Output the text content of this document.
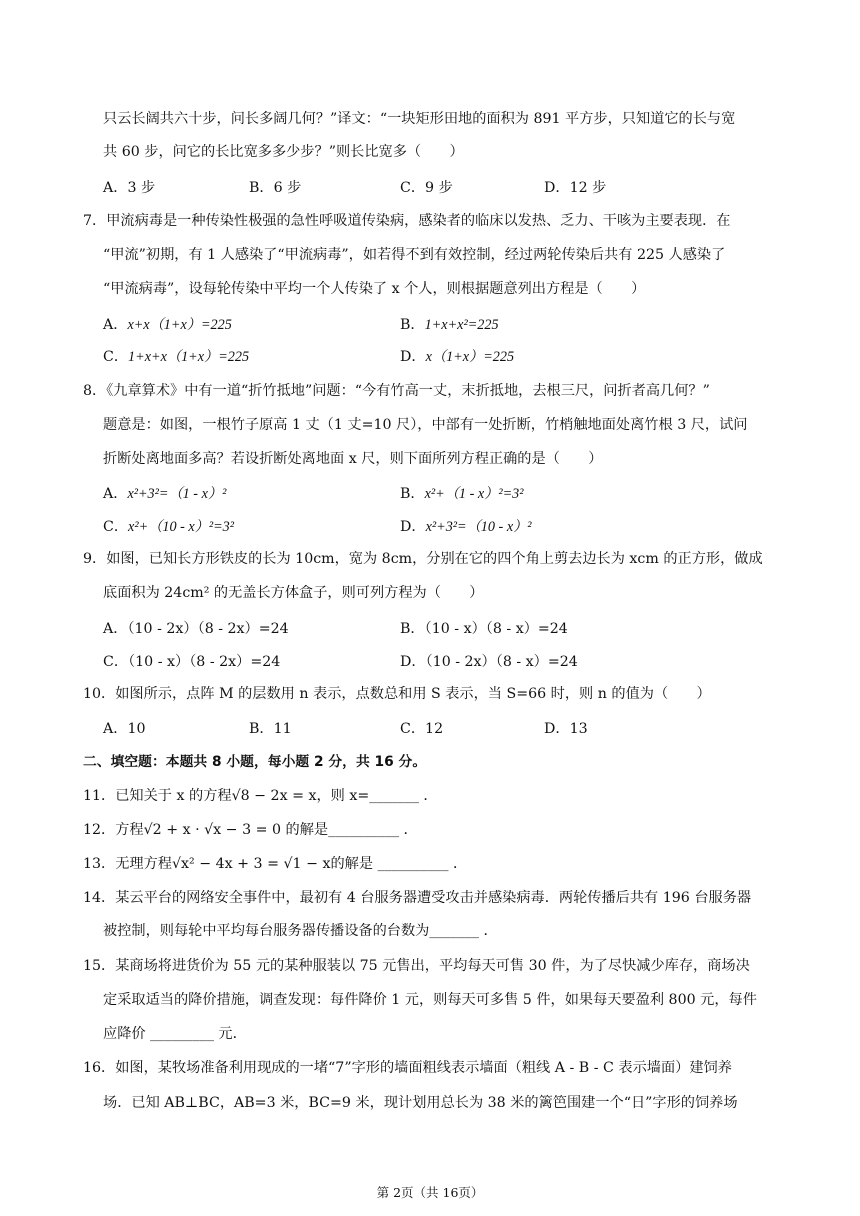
只云长阔共六十步，问长多阔几何？”译文：“一块矩形田地的面积为 891 平方步，只知道它的长与宽
共 60 步，问它的长比宽多多少步？”则长比宽多（　　）
A．3 步	B．6 步	C．9 步	D．12 步
7．甲流病毒是一种传染性极强的急性呼吸道传染病，感染者的临床以发热、乏力、干咳为主要表现．在
“甲流”初期，有 1 人感染了“甲流病毒”，如若得不到有效控制，经过两轮传染后共有 225 人感染了
“甲流病毒”，设每轮传染中平均一个人传染了 x 个人，则根据题意列出方程是（　　）
A．x+x（1+x）=225	B．1+x+x²=225
C．1+x+x（1+x）=225	D．x（1+x）=225
8．《九章算术》中有一道“折竹抵地”问题：“今有竹高一丈，末折抵地，去根三尺，问折者高几何？”
题意是：如图，一根竹子原高 1 丈（1 丈=10 尺），中部有一处折断，竹梢触地面处离竹根 3 尺，试问
折断处离地面多高？若设折断处离地面 x 尺，则下面所列方程正确的是（　　）
A．x²+3²=（1 - x）²	B．x²+（1 - x）²=3²
C．x²+（10 - x）²=3²	D．x²+3²=（10 - x）²
9．如图，已知长方形铁皮的长为 10cm，宽为 8cm，分别在它的四个角上剪去边长为 xcm 的正方形，做成
底面积为 24cm² 的无盖长方体盒子，则可列方程为（　　）
A．（10 - 2x）（8 - 2x）=24	B．（10 - x）（8 - x）=24
C．（10 - x）（8 - 2x）=24	D．（10 - 2x）（8 - x）=24
10．如图所示，点阵 M 的层数用 n 表示，点数总和用 S 表示，当 S=66 时，则 n 的值为（　　）
A．10	B．11	C．12	D．13
二、填空题：本题共 8 小题，每小题 2 分，共 16 分。
11．已知关于 x 的方程√8 − 2x = x，则 x=_______ ．
12．方程√2 + x · √x − 3 = 0 的解是__________ ．
13．无理方程√x² − 4x + 3 = √1 − x的解是 __________ ．
14．某云平台的网络安全事件中，最初有 4 台服务器遭受攻击并感染病毒．两轮传播后共有 196 台服务器
被控制，则每轮中平均每台服务器传播设备的台数为_______ ．
15．某商场将进货价为 55 元的某种服装以 75 元售出，平均每天可售 30 件，为了尽快减少库存，商场决
定采取适当的降价措施，调查发现：每件降价 1 元，则每天可多售 5 件，如果每天要盈利 800 元，每件
应降价 _________ 元．
16．如图，某牧场准备利用现成的一堵“7”字形的墙面粗线表示墙面（粗线 A - B - C 表示墙面）建饲养
场．已知 AB⊥BC，AB=3 米，BC=9 米，现计划用总长为 38 米的篱笆围建一个“日”字形的饲养场
第 2页（共 16页）
